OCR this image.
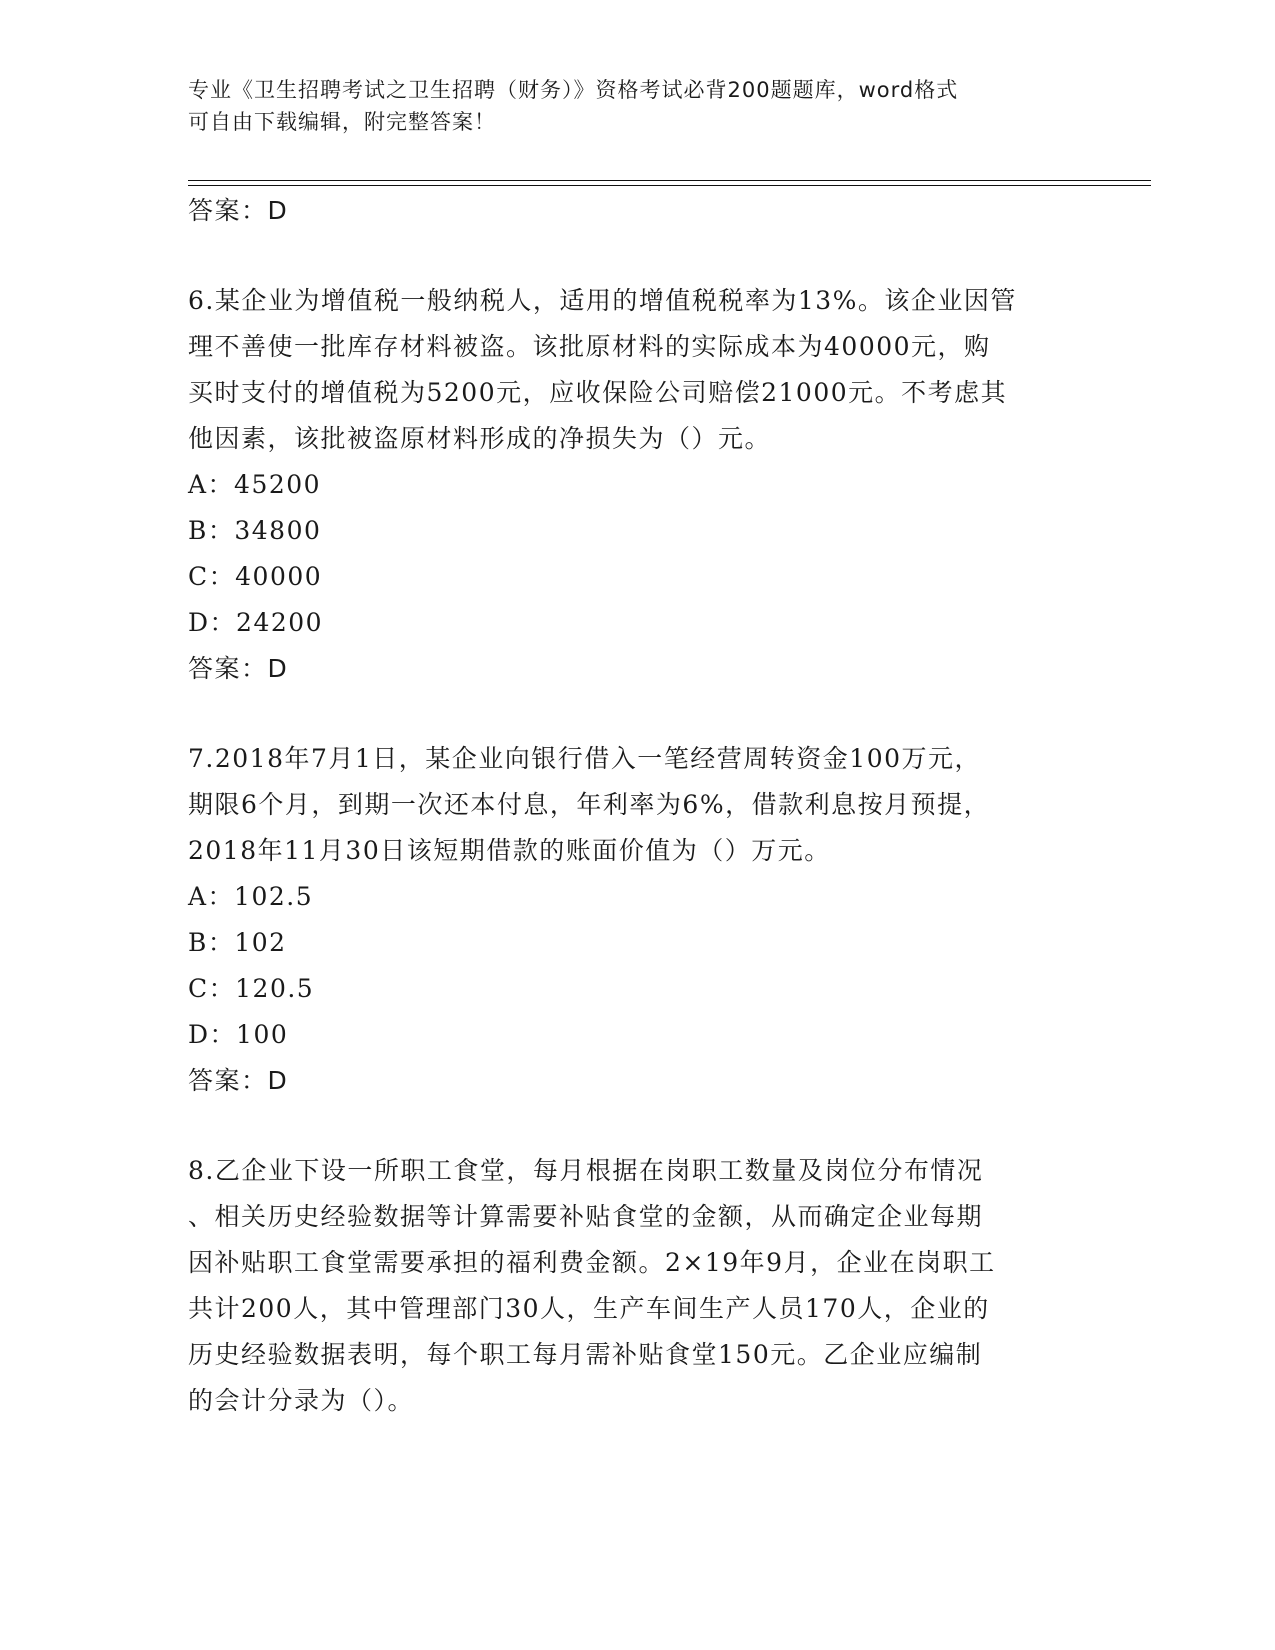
专业《卫生招聘考试之卫生招聘（财务）》资格考试必背200题题库，word格式
可自由下载编辑，附完整答案！
答案：D
6.某企业为增值税一般纳税人，适用的增值税税率为13%。该企业因管
理不善使一批库存材料被盗。该批原材料的实际成本为40000元，购
买时支付的增值税为5200元，应收保险公司赔偿21000元。不考虑其
他因素，该批被盗原材料形成的净损失为（）元。
A：45200
B：34800
C：40000
D：24200
答案：D
7.2018年7月1日，某企业向银行借入一笔经营周转资金100万元，
期限6个月，到期一次还本付息，年利率为6%，借款利息按月预提，
2018年11月30日该短期借款的账面价值为（）万元。
A：102.5
B：102
C：120.5
D：100
答案：D
8.乙企业下设一所职工食堂，每月根据在岗职工数量及岗位分布情况
、相关历史经验数据等计算需要补贴食堂的金额，从而确定企业每期
因补贴职工食堂需要承担的福利费金额。2×19年9月，企业在岗职工
共计200人，其中管理部门30人，生产车间生产人员170人，企业的
历史经验数据表明，每个职工每月需补贴食堂150元。乙企业应编制
的会计分录为（）。
